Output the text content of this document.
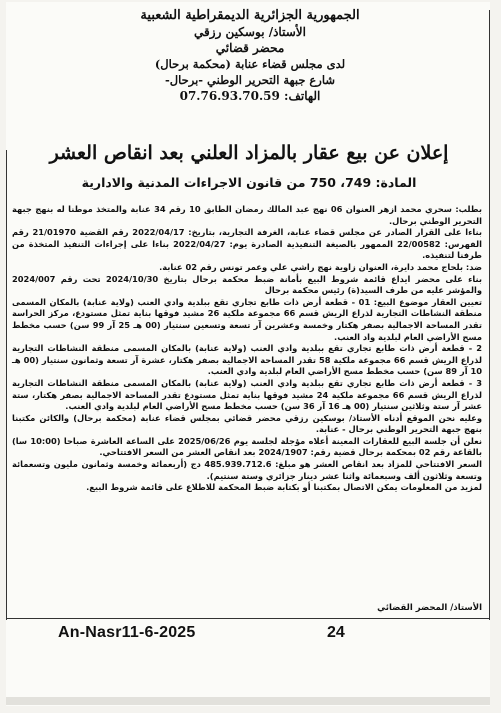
الجمهورية الجزائرية الديمقراطية الشعبية
الأستاذ/ بوسكين رزقي
محضر قضائي
لدى مجلس قضاء عنابة (محكمة برحال)
شارع جبهة التحرير الوطني -برحال-
07.76.93.70.59 الهاتف:
إعلان عن بيع عقار بالمزاد العلني بعد انقاص العشر
المادة: 749، 750 من قانون الاجراءات المدنية والادارية

بطلب: سحري محمد ازهر العنوان 06 نهج عبد المالك رمضان الطابق 10 رقم 34 عنابة والمتخذ موطنا له بنهج جبهة التحرير الوطني برحال.

بناءا على القرار الصادر عن مجلس قضاء عنابة، الغرفة التجارية، بتاريخ: 2022/04/17 رقم القضية 21/01970 رقم الفهرس: 22/00582 الممهور بالصيغة التنفيذية الصادرة يوم: 2022/04/27 بناءا على إجراءات التنفيذ المتخذة من طرفنا لتنفيذه.

ضد: بلحاج محمد دايرة، العنوان زاوية نهج راشي علي وعمر تونس رقم 02 عنابة.

بناء على محضر ايداع قائمة شروط البيع بأمانة ضبط محكمة برحال بتاريخ 2024/10/30 تحت رقم 2024/007 والمؤشر عليه من طرف السيد(ة) رئيس محكمة برحال

تعيين العقار موضوع البيع: 01 - قطعة أرض ذات طابع تجاري تقع ببلدية وادي العنب (ولاية عنابة) بالمكان المسمى منطقة النشاطات التجارية لذراع الريش قسم 66 مجموعة ملكية 26 مشيد فوقها بناية تمثل مستودع، مركز الحراسة تقدر المساحة الاجمالية بصفر هكتار وخمسة وعشرين آر تسعة وتسعين سنتيار (00 هـ 25 آر 99 سن) حسب مخطط مسح الأراضي العام لبلدية واد العنب.

2 - قطعة أرض ذات طابع تجاري تقع ببلدية وادي العنب (ولاية عنابة) بالمكان المسمى منطقة النشاطات التجارية لذراع الريش قسم 66 مجموعة ملكية 58 تقدر المساحة الاجمالية بصفر هكتار، عشرة آر تسعة وثمانون سنتيار (00 هـ 10 آر 89 سن) حسب مخطط مسح الأراضي العام لبلدية وادي العنب.

3 - قطعة أرض ذات طابع تجاري تقع ببلدية وادي العنب (ولاية عنابة) بالمكان المسمى منطقة النشاطات التجارية لذراع الريش قسم 66 مجموعة ملكية 24 مشيد فوقها بناية تمثل مستودع تقدر المساحة الاجمالية بصفر هكتار، ستة عشر آر ستة وثلاثين سنتيار (00 هـ 16 آر 36 سن) حسب مخطط مسح الأراضي العام لبلدية وادي العنب.

وعليه نحن الموقع أدناه الأستاذ/ بوسكين رزقي محضر قضائي بمجلس قضاء عنابة (محكمة برحال) والكائن مكتبنا بنهج جبهة التحرير الوطني برحال - عنابة.

نعلن أن جلسة البيع للعقارات المعينة أعلاه مؤجلة لجلسة يوم 2025/06/26 على الساعة العاشرة صباحا (10:00 سا) بالقاعة رقم 02 بمحكمة برحال قضية رقم: 2024/1907 بعد انقاص العشر من السعر الافتتاحي.

السعر الافتتاحي للمزاد بعد انقاص العشر هو مبلغ: 485.939.712.6 دج (أربعمائة وخمسة وثمانون مليون وتسعمائة وتسعة وثلاثون ألف وسبعمائة واثنا عشر دينار جزائري وستة سنتيم).

لمزيد من المعلومات يمكن الاتصال بمكتبنا أو بكتابة ضبط المحكمة للاطلاع على قائمة شروط البيع.

الأستاذ/ المحضر القضائي
An-Nasr11-6-2025	24
